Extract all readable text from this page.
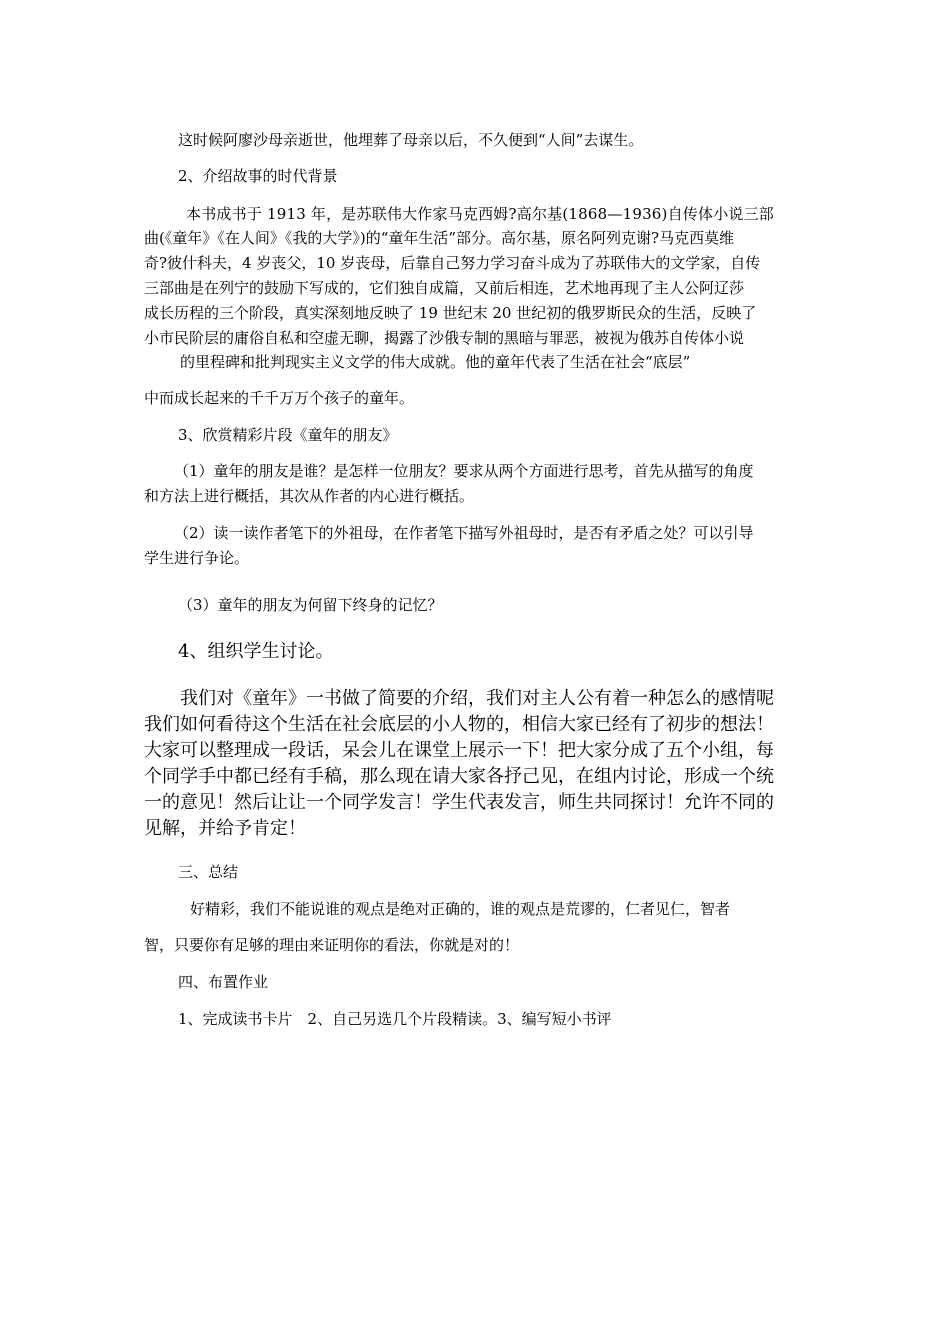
这时候阿廖沙母亲逝世，他埋葬了母亲以后，不久便到“人间”去谋生。

2、介绍故事的时代背景

本书成书于 1913 年，是苏联伟大作家马克西姆?高尔基(1868—1936)自传体小说三部

曲(《童年》《在人间》《我的大学》)的“童年生活”部分。高尔基，原名阿列克谢?马克西莫维

奇?彼什科夫，4 岁丧父，10 岁丧母，后靠自己努力学习奋斗成为了苏联伟大的文学家，自传

三部曲是在列宁的鼓励下写成的，它们独自成篇，又前后相连，艺术地再现了主人公阿辽莎

成长历程的三个阶段，真实深刻地反映了 19 世纪末 20 世纪初的俄罗斯民众的生活，反映了

小市民阶层的庸俗自私和空虚无聊，揭露了沙俄专制的黑暗与罪恶，被视为俄苏自传体小说

的里程碑和批判现实主义文学的伟大成就。他的童年代表了生活在社会“底层”

中而成长起来的千千万万个孩子的童年。

3、欣赏精彩片段《童年的朋友》

（1）童年的朋友是谁？是怎样一位朋友？要求从两个方面进行思考，首先从描写的角度

和方法上进行概括，其次从作者的内心进行概括。

（2）读一读作者笔下的外祖母，在作者笔下描写外祖母时，是否有矛盾之处？可以引导

学生进行争论。

（3）童年的朋友为何留下终身的记忆？

4、组织学生讨论。

我们对《童年》一书做了简要的介绍，我们对主人公有着一种怎么的感情呢

我们如何看待这个生活在社会底层的小人物的，相信大家已经有了初步的想法！

大家可以整理成一段话，呆会儿在课堂上展示一下！把大家分成了五个小组，每

个同学手中都已经有手稿，那么现在请大家各抒己见，在组内讨论，形成一个统

一的意见！然后让让一个同学发言！学生代表发言，师生共同探讨！允许不同的

见解，并给予肯定！

三、总结

好精彩，我们不能说谁的观点是绝对正确的，谁的观点是荒谬的，仁者见仁，智者

智，只要你有足够的理由来证明你的看法，你就是对的！

四、布置作业

1、完成读书卡片　2、自己另选几个片段精读。3、编写短小书评
